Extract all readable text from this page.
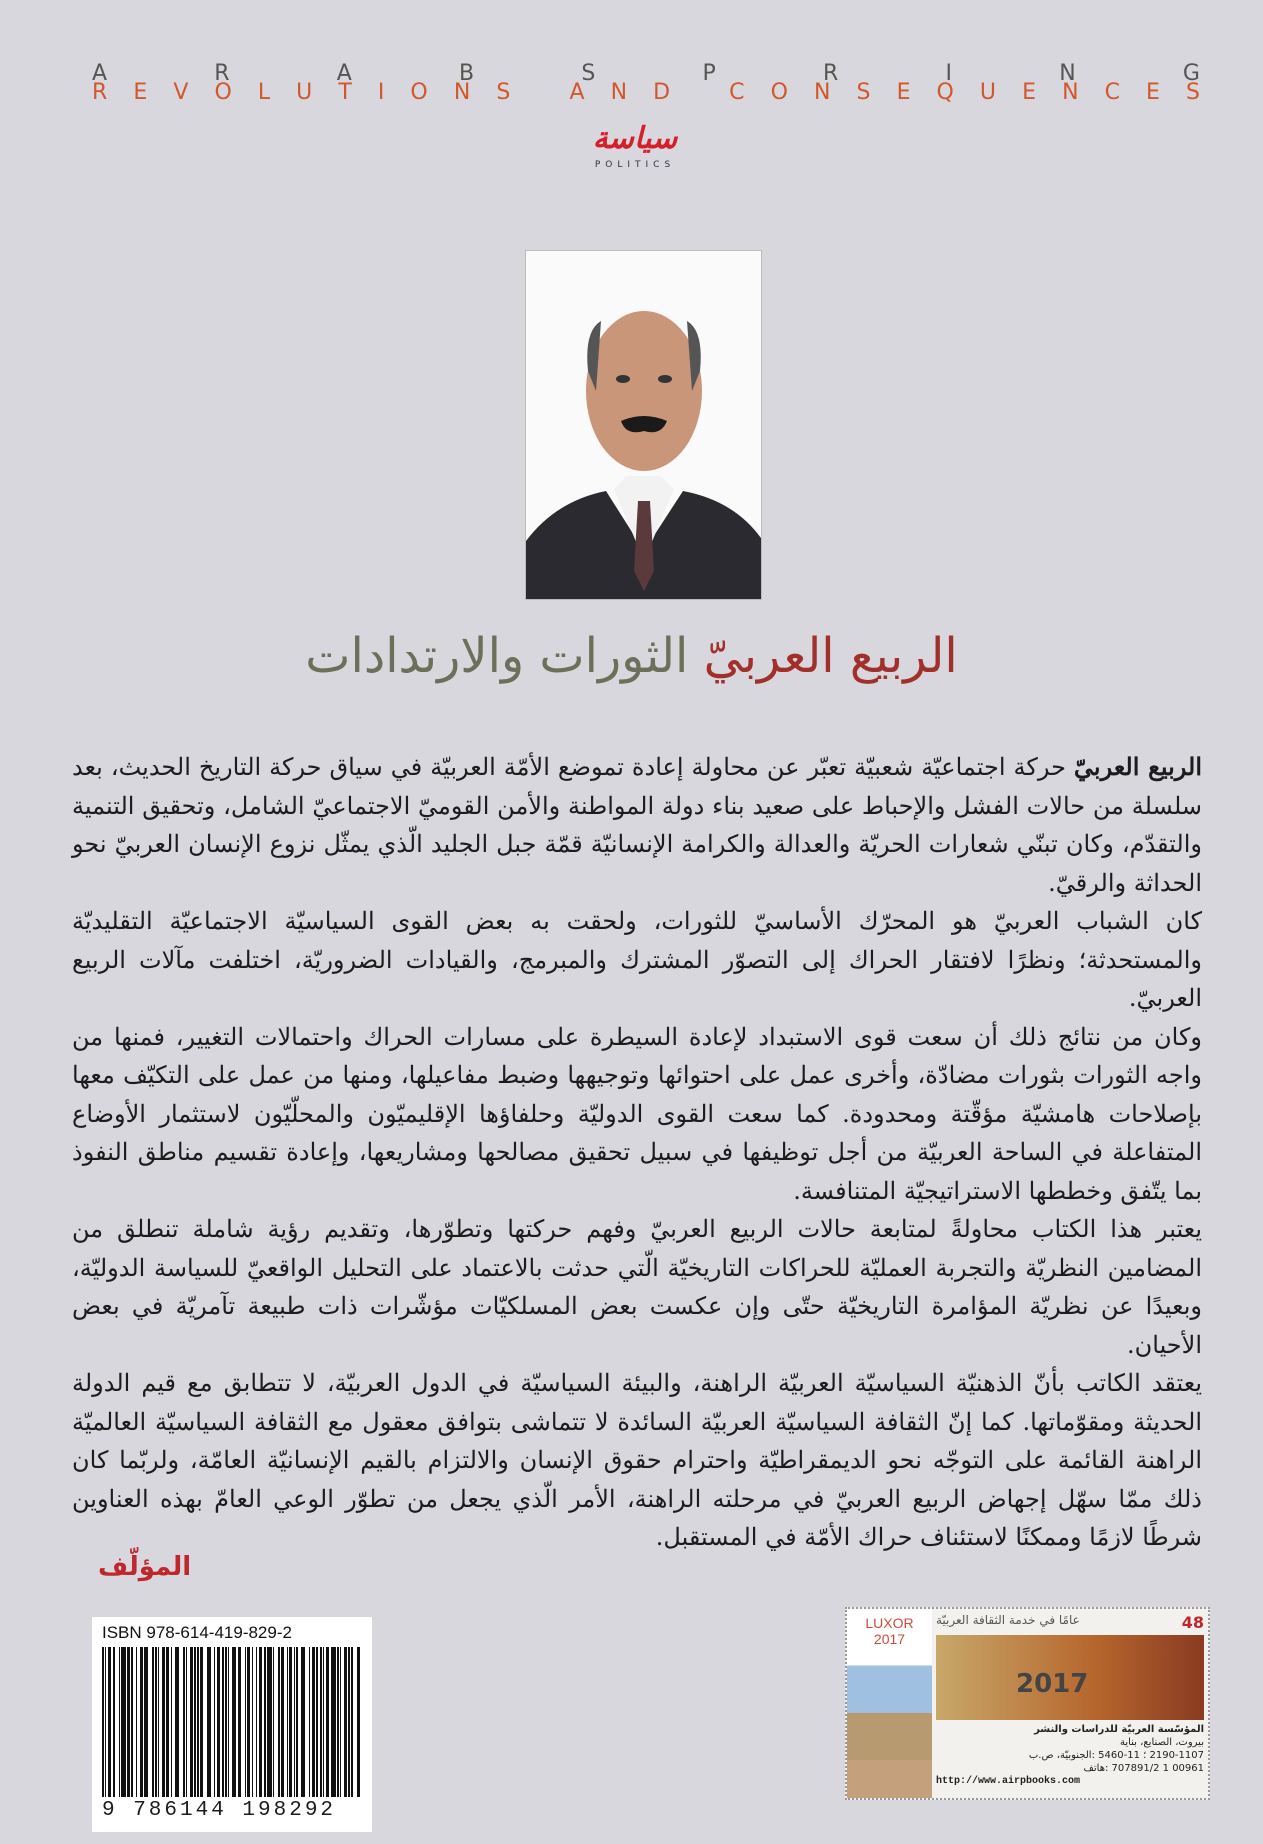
A	R	A	B	S	P	R	I	N	G
R E V O L U T I O N S
	A N D
	C O N S E Q U E N C E S
سياسة
POLITICS
الربيع العربيّ الثورات والارتدادات

الربيع العربيّ حركة اجتماعيّة شعبيّة تعبّر عن محاولة إعادة تموضع الأمّة العربيّة في سياق حركة التاريخ الحديث، بعد سلسلة من حالات الفشل والإحباط على صعيد بناء دولة المواطنة والأمن القوميّ الاجتماعيّ الشامل، وتحقيق التنمية والتقدّم، وكان تبنّي شعارات الحريّة والعدالة والكرامة الإنسانيّة قمّة جبل الجليد الّذي يمثّل نزوع الإنسان العربيّ نحو الحداثة والرقيّ.

كان الشباب العربيّ هو المحرّك الأساسيّ للثورات، ولحقت به بعض القوى السياسيّة الاجتماعيّة التقليديّة والمستحدثة؛ ونظرًا لافتقار الحراك إلى التصوّر المشترك والمبرمج، والقيادات الضروريّة، اختلفت مآلات الربيع العربيّ.

وكان من نتائج ذلك أن سعت قوى الاستبداد لإعادة السيطرة على مسارات الحراك واحتمالات التغيير، فمنها من واجه الثورات بثورات مضادّة، وأخرى عمل على احتوائها وتوجيهها وضبط مفاعيلها، ومنها من عمل على التكيّف معها بإصلاحات هامشيّة مؤقّتة ومحدودة. كما سعت القوى الدوليّة وحلفاؤها الإقليميّون والمحلّيّون لاستثمار الأوضاع المتفاعلة في الساحة العربيّة من أجل توظيفها في سبيل تحقيق مصالحها ومشاريعها، وإعادة تقسيم مناطق النفوذ بما يتّفق وخططها الاستراتيجيّة المتنافسة.

يعتبر هذا الكتاب محاولةً لمتابعة حالات الربيع العربيّ وفهم حركتها وتطوّرها، وتقديم رؤية شاملة تنطلق من المضامين النظريّة والتجربة العمليّة للحراكات التاريخيّة الّتي حدثت بالاعتماد على التحليل الواقعيّ للسياسة الدوليّة، وبعيدًا عن نظريّة المؤامرة التاريخيّة حتّى وإن عكست بعض المسلكيّات مؤشّرات ذات طبيعة تآمريّة في بعض الأحيان.

يعتقد الكاتب بأنّ الذهنيّة السياسيّة العربيّة الراهنة، والبيئة السياسيّة في الدول العربيّة، لا تتطابق مع قيم الدولة الحديثة ومقوّماتها. كما إنّ الثقافة السياسيّة العربيّة السائدة لا تتماشى بتوافق معقول مع الثقافة السياسيّة العالميّة الراهنة القائمة على التوجّه نحو الديمقراطيّة واحترام حقوق الإنسان والالتزام بالقيم الإنسانيّة العامّة، ولربّما كان ذلك ممّا سهّل إجهاض الربيع العربيّ في مرحلته الراهنة، الأمر الّذي يجعل من تطوّر الوعي العامّ بهذه العناوين شرطًا لازمًا وممكنًا لاستئناف حراك الأمّة في المستقبل.

المؤلّف
ISBN 978-614-419-829-2
9 786144 198292
LUXOR
2017
48
عامًا في خدمة الثقافة العربيّة
2017
المؤسّسة العربيّة للدراسات والنشر
بيروت، الصنايع، بناية
2190-1107 ؛ 11-5460 :الجنوبيّة، ص.ب
00961 1 707891/2 :هاتف
http://www.airpbooks.com
